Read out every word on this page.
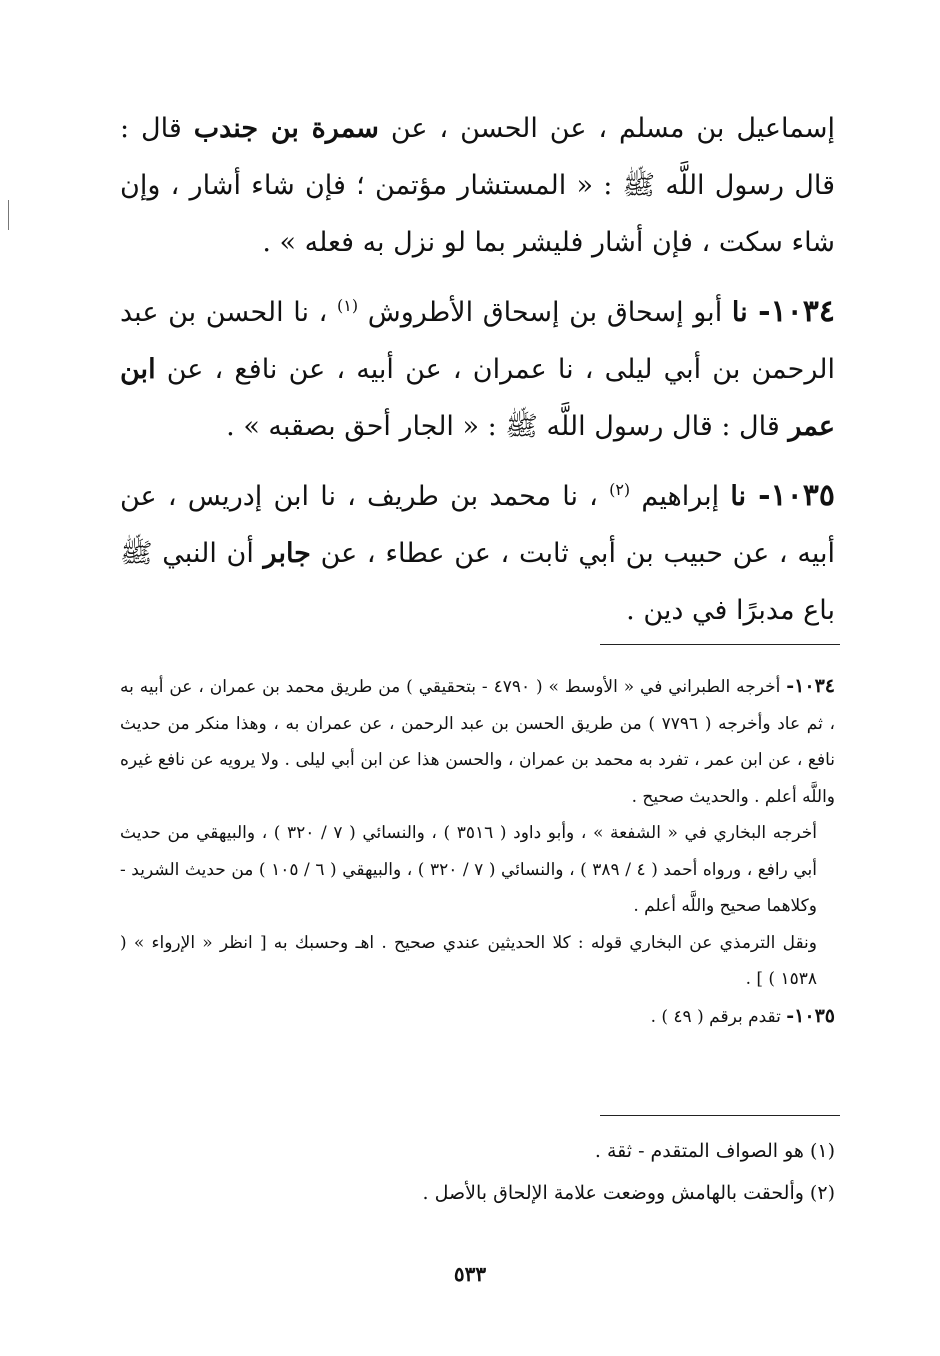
إسماعيل بن مسلم ، عن الحسن ، عن سمرة بن جندب قال : قال رسول اللَّه ﷺ : « المستشار مؤتمن ؛ فإن شاء أشار ، وإن شاء سكت ، فإن أشار فليشر بما لو نزل به فعله » .

١٠٣٤- نا أبو إسحاق بن إسحاق الأطروش $^{(١)}$ ، نا الحسن بن عبد الرحمن بن أبي ليلى ، نا عمران ، عن أبيه ، عن نافع ، عن ابن عمر قال : قال رسول اللَّه ﷺ : « الجار أحق بصقبه » .

١٠٣٥- نا إبراهيم $^{(٢)}$ ، نا محمد بن طريف ، نا ابن إدريس ، عن أبيه ، عن حبيب بن أبي ثابت ، عن عطاء ، عن جابر أن النبي ﷺ باع مدبرًا في دين .

١٠٣٤- أخرجه الطبراني في « الأوسط » ( ٤٧٩٠ - بتحقيقي ) من طريق محمد بن عمران ، عن أبيه به ، ثم عاد وأخرجه ( ٧٧٩٦ ) من طريق الحسن بن عبد الرحمن ، عن عمران به ، وهذا منكر من حديث نافع ، عن ابن عمر ، تفرد به محمد بن عمران ، والحسن هذا عن ابن أبي ليلى . ولا يرويه عن نافع غيره واللَّه أعلم . والحديث صحيح .

أخرجه البخاري في « الشفعة » ، وأبو داود ( ٣٥١٦ ) ، والنسائي ( ٧ / ٣٢٠ ) ، والبيهقي من حديث أبي رافع ، ورواه أحمد ( ٤ / ٣٨٩ ) ، والنسائي ( ٧ / ٣٢٠ ) ، والبيهقي ( ٦ / ١٠٥ ) من حديث الشريد - وكلاهما صحيح واللَّه أعلم .

ونقل الترمذي عن البخاري قوله : كلا الحديثين عندي صحيح . اهـ وحسبك به [ انظر « الإرواء » ( ١٥٣٨ ) ] .

١٠٣٥- تقدم برقم ( ٤٩ ) .

(١) هو الصواف المتقدم - ثقة .

(٢) وألحقت بالهامش ووضعت علامة الإلحاق بالأصل .

٥٣٣
